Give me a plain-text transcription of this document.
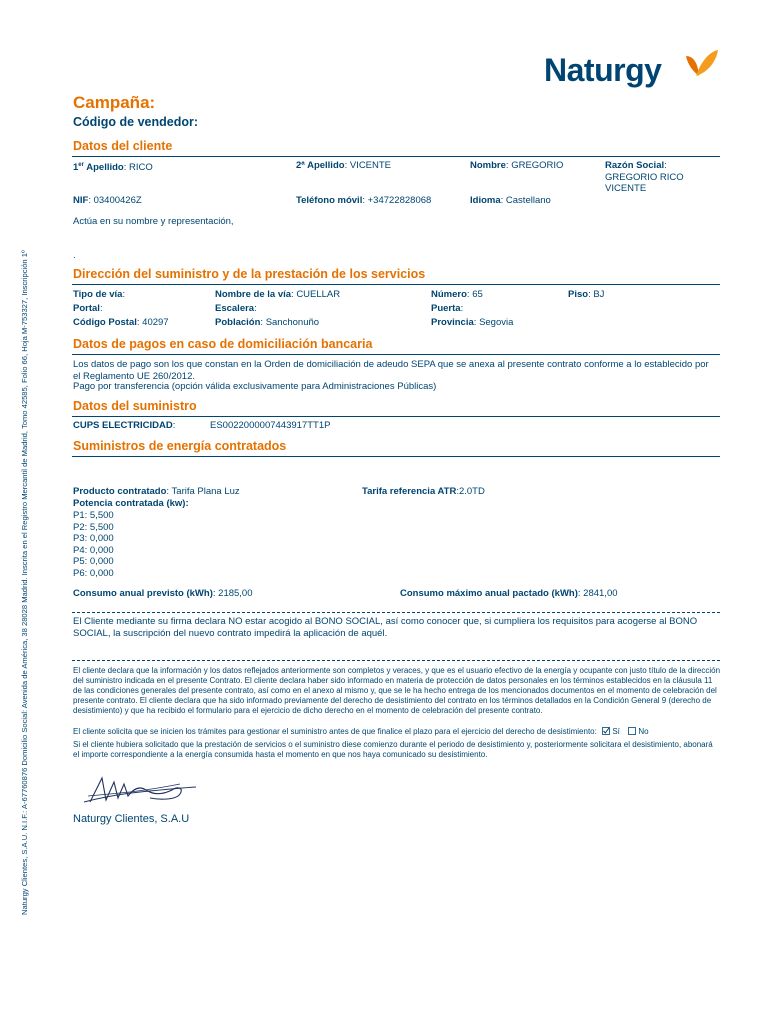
Naturgy Clientes, S.A.U. N.I.F.: A-67760876 Domicilio Social: Avenida de América, 38 28028 Madrid. Inscrita en el Registro Mercantil de Madrid, Tomo 42585, Folio 66, Hoja M-753327, Inscripción 1º
Naturgy
Campaña:
Código de vendedor:
Datos del cliente
1er Apellido: RICO	2ª Apellido: VICENTE	Nombre: GREGORIO	Razón Social:
GREGORIO RICO VICENTE
NIF: 03400426Z	Teléfono móvil: +34722828068	Idioma: Castellano
Actúa en su nombre y representación,
.
Dirección del suministro y de la prestación de los servicios
Tipo de vía:	Nombre de la vía: CUELLAR	Número: 65	Piso: BJ
Portal:	Escalera:	Puerta:
Código Postal: 40297	Población: Sanchonuño	Provincia: Segovia
Datos de pagos en caso de domiciliación bancaria
Los datos de pago son los que constan en la Orden de domiciliación de adeudo SEPA que se anexa al presente contrato conforme a lo establecido por el Reglamento UE 260/2012.
Pago por transferencia (opción válida exclusivamente para Administraciones Públicas)
Datos del suministro
CUPS ELECTRICIDAD:	ES0022000007443917TT1P
Suministros de energía contratados
Producto contratado: Tarifa Plana Luz	Tarifa referencia ATR:2.0TD
Potencia contratada (kw):
P1: 5,500
P2: 5,500
P3: 0,000
P4: 0,000
P5: 0,000
P6: 0,000
Consumo anual previsto (kWh): 2185,00	Consumo máximo anual pactado (kWh): 2841,00
El Cliente mediante su firma declara NO estar acogido al BONO SOCIAL, así como conocer que, si cumpliera los requisitos para acogerse al BONO SOCIAL, la suscripción del nuevo contrato impedirá la aplicación de aquél.
El cliente declara que la información y los datos reflejados anteriormente son completos y veraces, y que es el usuario efectivo de la energía y ocupante con justo título de la dirección del suministro indicada en el presente Contrato. El cliente declara haber sido informado en materia de protección de datos personales en los términos establecidos en la cláusula 11 de las condiciones generales del presente contrato, así como en el anexo al mismo y, que se le ha hecho entrega de los mencionados documentos en el momento de celebración del presente contrato. El cliente declara que ha sido informado previamente del derecho de desistimiento del contrato en los términos detallados en la Condición General 9 (derecho de desistimiento) y que ha recibido el formulario para el ejercicio de dicho derecho en el momento de celebración del presente contrato.
El cliente solicita que se inicien los trámites para gestionar el suministro antes de que finalice el plazo para el ejercicio del derecho de desistimiento: Sí No
Si el cliente hubiera solicitado que la prestación de servicios o el suministro diese comienzo durante el periodo de desistimiento y, posteriormente solicitara el desistimiento, abonará el importe correspondiente a la energía consumida hasta el momento en que nos haya comunicado su desistimiento.
Naturgy Clientes, S.A.U
